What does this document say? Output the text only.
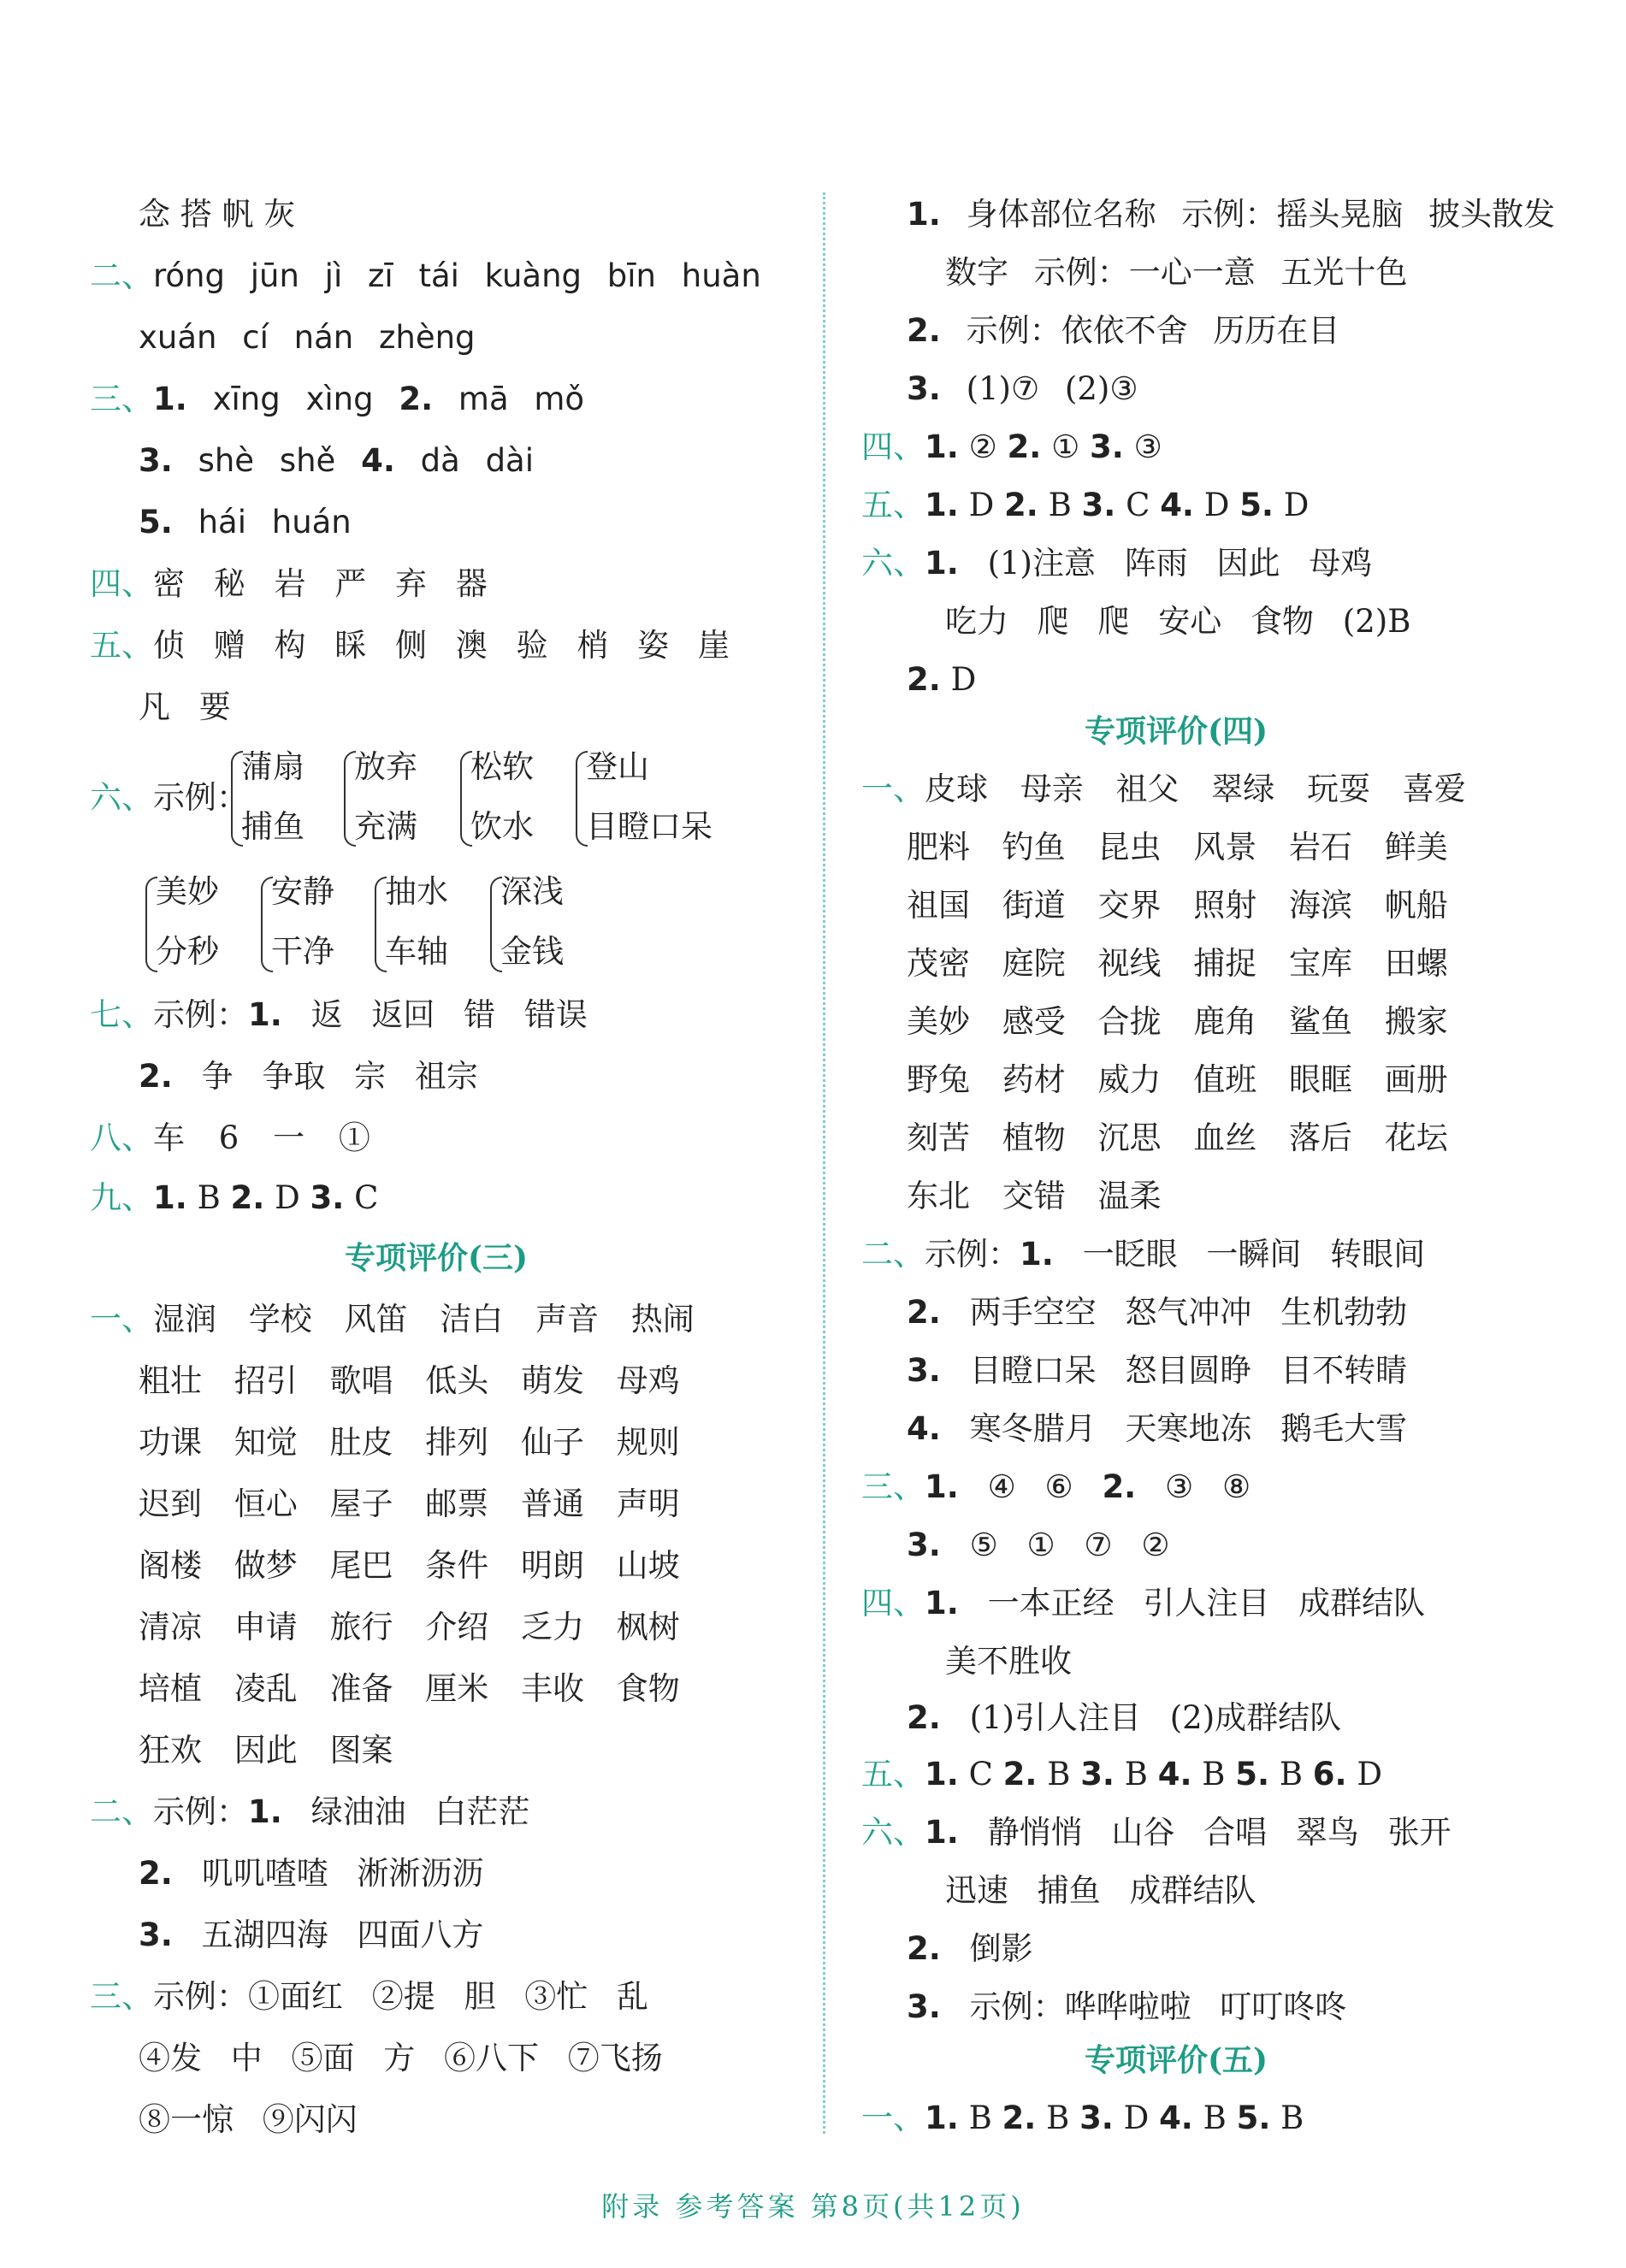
念 搭 帆 灰
二、róng jūn jì zī tái kuàng bīn huàn
xuán cí nán zhèng
三、1. xīng xìng 2. mā mǒ
3. shè shě 4. dà dài
5. hái huán
四、密 秘 岩 严 弃 器
五、侦 赠 构 睬 侧 澳 验 梢 姿 崖
凡 要
六、示例：
蒲扇
捕鱼
放弃
充满
松软
饮水
登山
目瞪口呆
美妙
分秒
安静
干净
抽水
车轴
深浅
金钱
七、示例：1. 返 返回 错 错误
2. 争 争取 宗 祖宗
八、车 6 一 ①
九、1. B 2. D 3. C
专项评价(三)
一、湿润 学校 风笛 洁白 声音 热闹
粗壮 招引 歌唱 低头 萌发 母鸡
功课 知觉 肚皮 排列 仙子 规则
迟到 恒心 屋子 邮票 普通 声明
阁楼 做梦 尾巴 条件 明朗 山坡
清凉 申请 旅行 介绍 乏力 枫树
培植 凌乱 准备 厘米 丰收 食物
狂欢 因此 图案
二、示例：1. 绿油油 白茫茫
2. 叽叽喳喳 淅淅沥沥
3. 五湖四海 四面八方
三、示例：①面红 ②提 胆 ③忙 乱
④发 中 ⑤面 方 ⑥八下 ⑦飞扬
⑧一惊 ⑨闪闪
1. 身体部位名称 示例：摇头晃脑 披头散发
数字 示例：一心一意 五光十色
2. 示例：依依不舍 历历在目
3. (1)⑦ (2)③
四、1. ② 2. ① 3. ③
五、1. D 2. B 3. C 4. D 5. D
六、1. (1)注意 阵雨 因此 母鸡
吃力 爬 爬 安心 食物 (2)B
2. D
专项评价(四)
一、皮球 母亲 祖父 翠绿 玩耍 喜爱
肥料 钓鱼 昆虫 风景 岩石 鲜美
祖国 街道 交界 照射 海滨 帆船
茂密 庭院 视线 捕捉 宝库 田螺
美妙 感受 合拢 鹿角 鲨鱼 搬家
野兔 药材 威力 值班 眼眶 画册
刻苦 植物 沉思 血丝 落后 花坛
东北 交错 温柔
二、示例：1. 一眨眼 一瞬间 转眼间
2. 两手空空 怒气冲冲 生机勃勃
3. 目瞪口呆 怒目圆睁 目不转睛
4. 寒冬腊月 天寒地冻 鹅毛大雪
三、1. ④ ⑥ 2. ③ ⑧
3. ⑤ ① ⑦ ②
四、1. 一本正经 引人注目 成群结队
美不胜收
2. (1)引人注目 (2)成群结队
五、1. C 2. B 3. B 4. B 5. B 6. D
六、1. 静悄悄 山谷 合唱 翠鸟 张开
迅速 捕鱼 成群结队
2. 倒影
3. 示例：哗哗啦啦 叮叮咚咚
专项评价(五)
一、1. B 2. B 3. D 4. B 5. B
附录 参考答案 第8页(共12页)
